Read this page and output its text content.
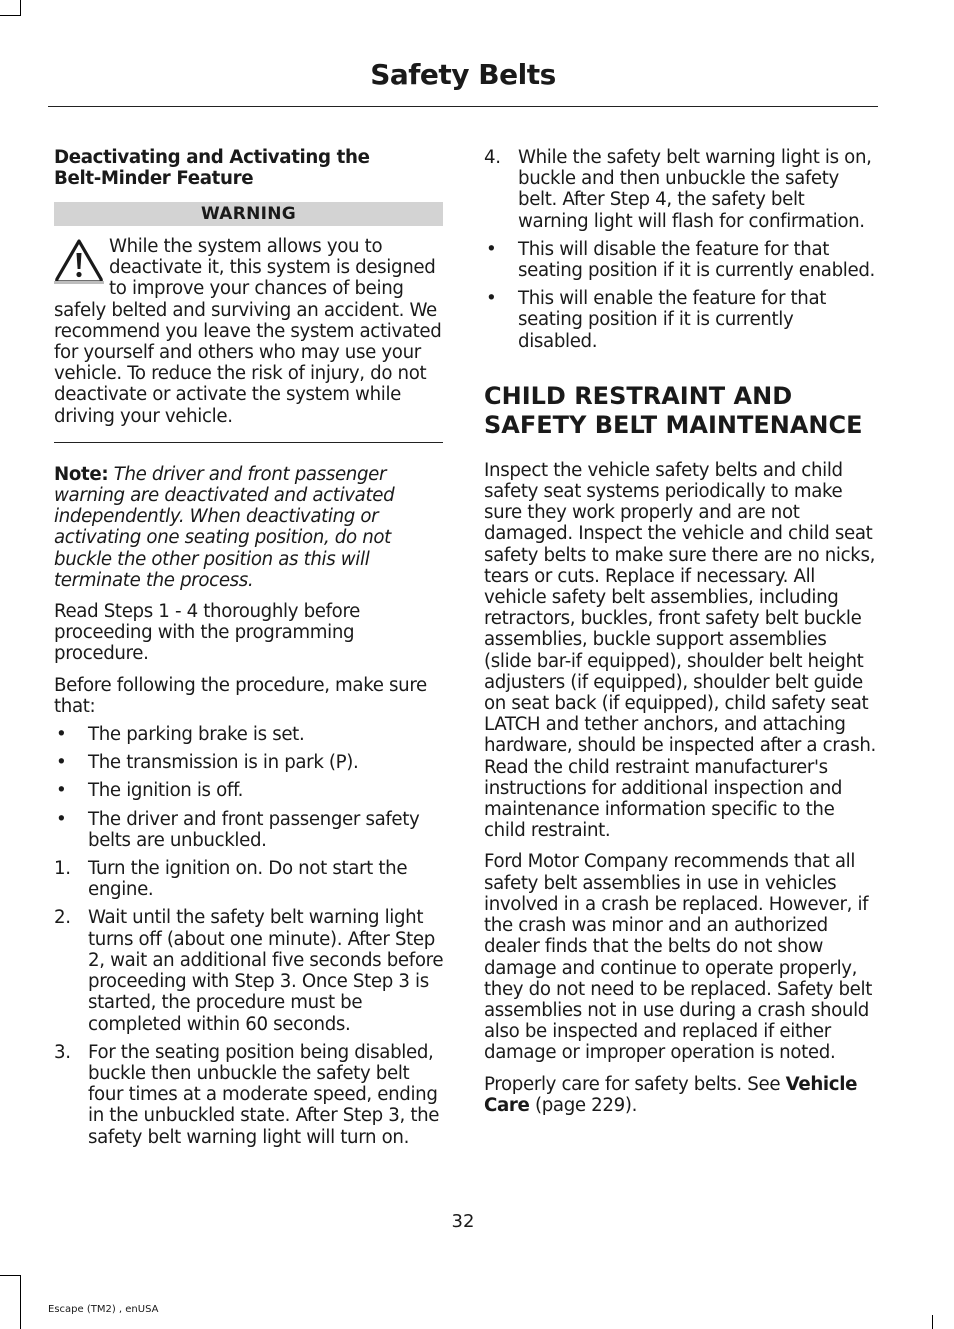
Safety Belts
Deactivating and Activating the
Belt-Minder Feature
WARNING

While the system allows you to deactivate it, this system is designed to improve your chances of being safely belted and surviving an accident. We recommend you leave the system activated for yourself and others who may use your vehicle. To reduce the risk of injury, do not deactivate or activate the system while driving your vehicle.

Note: The driver and front passenger warning are deactivated and activated independently. When deactivating or activating one seating position, do not buckle the other position as this will terminate the process.

Read Steps 1 - 4 thoroughly before proceeding with the programming procedure.

Before following the procedure, make sure that:

•	The parking brake is set.
•	The transmission is in park (P).
•	The ignition is off.
•	The driver and front passenger safety belts are unbuckled.
1. Turn the ignition on. Do not start the engine.
2. Wait until the safety belt warning light turns off (about one minute). After Step 2, wait an additional five seconds before proceeding with Step 3. Once Step 3 is started, the procedure must be completed within 60 seconds.
3. For the seating position being disabled, buckle then unbuckle the safety belt four times at a moderate speed, ending in the unbuckled state. After Step 3, the safety belt warning light will turn on.
4. While the safety belt warning light is on, buckle and then unbuckle the safety belt. After Step 4, the safety belt warning light will flash for confirmation.
•	This will disable the feature for that seating position if it is currently enabled.
•	This will enable the feature for that seating position if it is currently disabled.
CHILD RESTRAINT AND
SAFETY BELT MAINTENANCE

Inspect the vehicle safety belts and child safety seat systems periodically to make sure they work properly and are not damaged. Inspect the vehicle and child seat safety belts to make sure there are no nicks, tears or cuts. Replace if necessary. All vehicle safety belt assemblies, including retractors, buckles, front safety belt buckle assemblies, buckle support assemblies (slide bar-if equipped), shoulder belt height adjusters (if equipped), shoulder belt guide on seat back (if equipped), child safety seat LATCH and tether anchors, and attaching hardware, should be inspected after a crash. Read the child restraint manufacturer's instructions for additional inspection and maintenance information specific to the child restraint.

Ford Motor Company recommends that all safety belt assemblies in use in vehicles involved in a crash be replaced. However, if the crash was minor and an authorized dealer finds that the belts do not show damage and continue to operate properly, they do not need to be replaced. Safety belt assemblies not in use during a crash should also be inspected and replaced if either damage or improper operation is noted.

Properly care for safety belts. See Vehicle Care (page 229).

32
Escape (TM2) , enUSA
